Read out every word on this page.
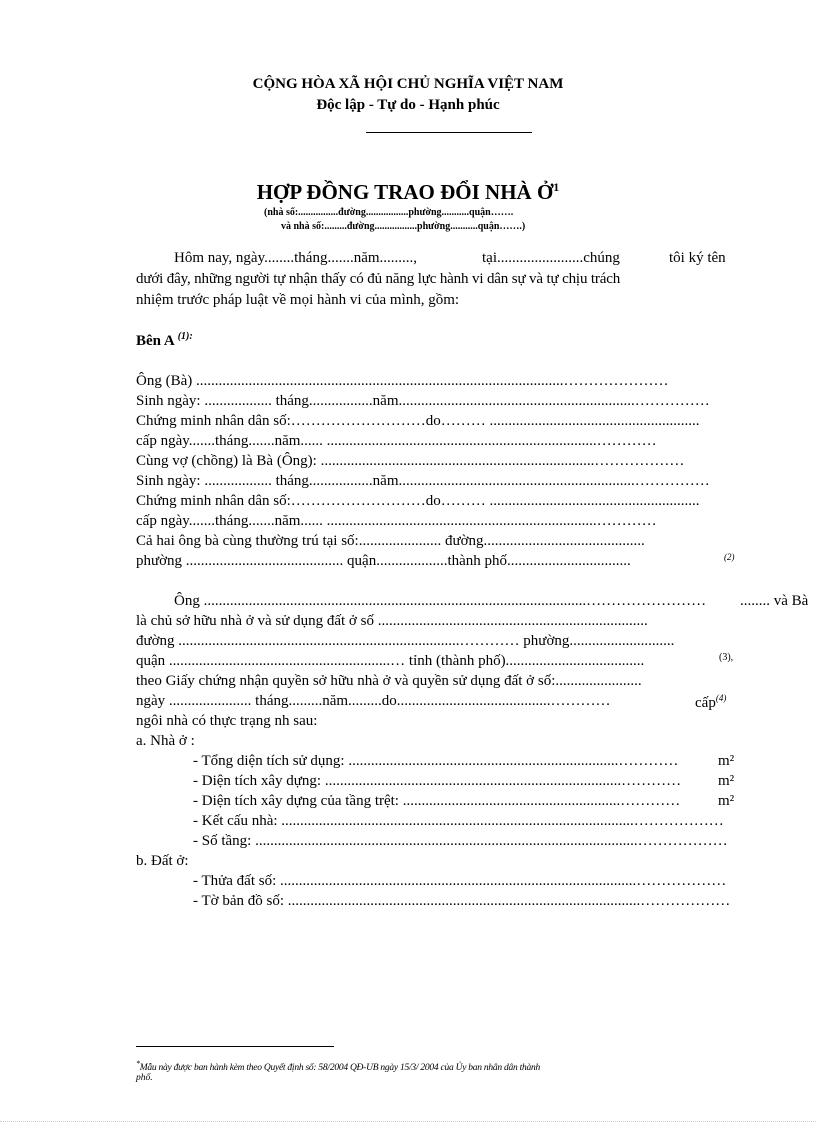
CỘNG HÒA XÃ HỘI CHỦ NGHĨA VIỆT NAM
Độc lập - Tự do - Hạnh phúc
HỢP ĐỒNG TRAO ĐỔI NHÀ Ở$^1$
(nhà số:................đường.................phường...........quận…….
và nhà số:.........đường.................phường...........quận…….)
Hôm nay, ngày........tháng.......năm.........,	tại.......................chúng	tôi ký tên
dưới đây, những người tự nhận thấy có đủ năng lực hành vi dân sự và tự chịu trách
nhiệm trước pháp luật về mọi hành vi của mình, gồm:
Bên A $^{(1):}$
Ông (Bà) ..................................................................................................…………………
Sinh ngày: .................. tháng.................năm...............................................................……………
Chứng minh nhân dân số:………………………do……… ........................................................
cấp ngày.......tháng.......năm...... ........................................................................…………
Cùng vợ (chồng) là Bà (Ông): .........................................................................………………
Sinh ngày: .................. tháng.................năm...............................................................……………
Chứng minh nhân dân số:………………………do……… ........................................................
cấp ngày.......tháng.......năm...... ........................................................................…………
Cả hai ông bà cùng thường trú tại số:...................... đường...........................................
phường .......................................... quận...................thành phố.................................	(2)
Ông ......................................................................................................…………………… ........ và Bà
là chủ sở hữu nhà ở và sử dụng đất ở số ........................................................................
đường ...........................................................................………… phường............................
quận ...........................................................… tỉnh (thành phố).....................................	(3),
theo Giấy chứng nhận quyền sở hữu nhà ở và quyền sử dụng đất ở số:.......................
ngày ...................... tháng.........năm.........do.........................................…………	cấp$^{(4)}$
ngôi nhà có thực trạng nh sau:
a. Nhà ở :
- Tổng diện tích sử dụng: ........................................................................…………	m²
- Diện tích xây dựng: ...............................................................................………… m²
- Diện tích xây dựng của tầng trệt: ..........................................................…………	m²
- Kết cấu nhà: ..............................................................................................………………
- Số tầng: ......................................................................................................………………
b. Đất ở:
- Thửa đất số: ...............................................................................................………………
- Tờ bản đồ số: ..............................................................................................………………
*Mẫu này được ban hành kèm theo Quyết định số: 58/2004 QĐ-UB ngày 15/3/ 2004 của Ủy ban nhân dân thành
phố.
